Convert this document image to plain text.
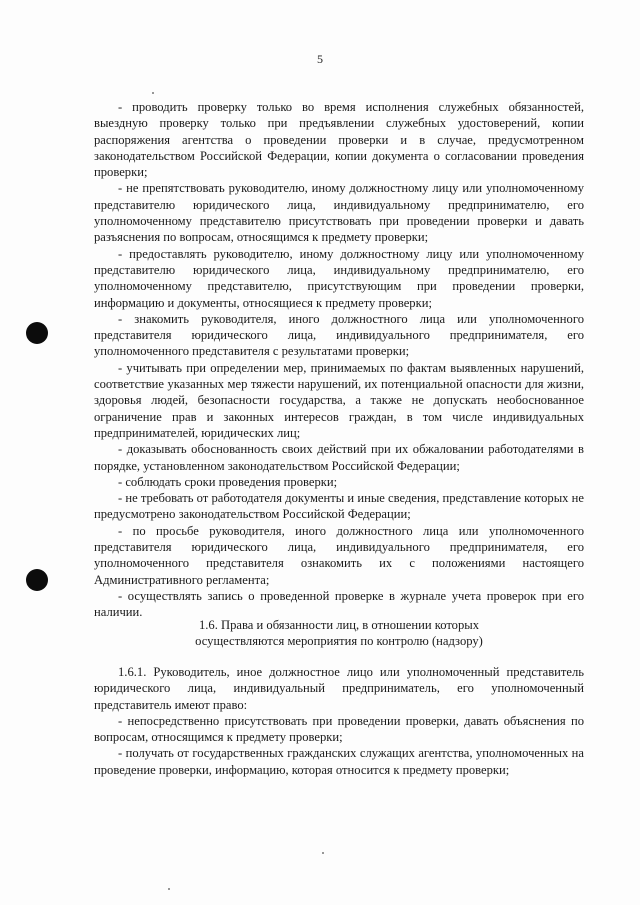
5

- проводить проверку только во время исполнения служебных обязанностей, выездную проверку только при предъявлении служебных удостоверений, копии распоряжения агентства о проведении проверки и в случае, предусмотренном законодательством Российской Федерации, копии документа о согласовании проведения проверки;

- не препятствовать руководителю, иному должностному лицу или уполномоченному представителю юридического лица, индивидуальному предпринимателю, его уполномоченному представителю присутствовать при проведении проверки и давать разъяснения по вопросам, относящимся к предмету проверки;

- предоставлять руководителю, иному должностному лицу или уполномоченному представителю юридического лица, индивидуальному предпринимателю, его уполномоченному представителю, присутствующим при проведении проверки, информацию и документы, относящиеся к предмету проверки;

- знакомить руководителя, иного должностного лица или уполномоченного представителя юридического лица, индивидуального предпринимателя, его уполномоченного представителя с результатами проверки;

- учитывать при определении мер, принимаемых по фактам выявленных нарушений, соответствие указанных мер тяжести нарушений, их потенциальной опасности для жизни, здоровья людей, безопасности государства, а также не допускать необоснованное ограничение прав и законных интересов граждан, в том числе индивидуальных предпринимателей, юридических лиц;

- доказывать обоснованность своих действий при их обжаловании работодателями в порядке, установленном законодательством Российской Федерации;

- соблюдать сроки проведения проверки;

- не требовать от работодателя документы и иные сведения, представление которых не предусмотрено законодательством Российской Федерации;

- по просьбе руководителя, иного должностного лица или уполномоченного представителя юридического лица, индивидуального предпринимателя, его уполномоченного представителя ознакомить их с положениями настоящего Административного регламента;

- осуществлять запись о проведенной проверке в журнале учета проверок при его наличии.

1.6. Права и обязанности лиц, в отношении которых
осуществляются мероприятия по контролю (надзору)

1.6.1. Руководитель, иное должностное лицо или уполномоченный представитель юридического лица, индивидуальный предприниматель, его уполномоченный представитель имеют право:

- непосредственно присутствовать при проведении проверки, давать объяснения по вопросам, относящимся к предмету проверки;

- получать от государственных гражданских служащих агентства, уполномоченных на проведение проверки, информацию, которая относится к предмету проверки;
